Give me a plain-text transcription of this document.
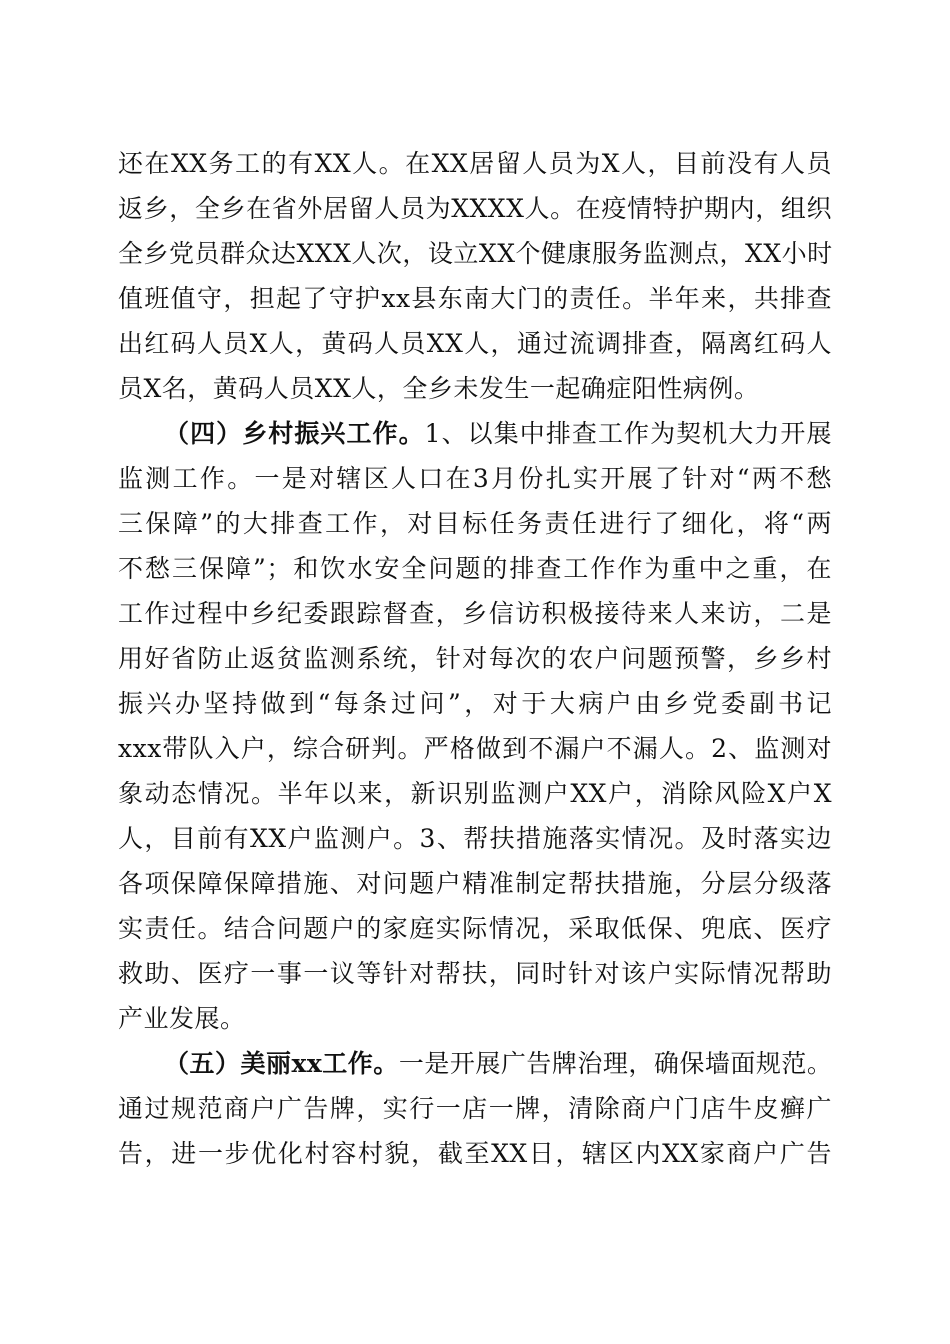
还在XX务工的有XX人。在XX居留人员为X人，目前没有人员
返乡，全乡在省外居留人员为XXXX人。在疫情特护期内，组织
全乡党员群众达XXX人次，设立XX个健康服务监测点，XX小时
值班值守，担起了守护xx县东南大门的责任。半年来，共排查
出红码人员X人，黄码人员XX人，通过流调排查，隔离红码人
员X名，黄码人员XX人，全乡未发生一起确症阳性病例。
（四）乡村振兴工作。1、以集中排查工作为契机大力开展
监测工作。一是对辖区人口在3月份扎实开展了针对“两不愁
三保障”的大排查工作，对目标任务责任进行了细化，将“两
不愁三保障”；和饮水安全问题的排查工作作为重中之重，在
工作过程中乡纪委跟踪督查，乡信访积极接待来人来访，二是
用好省防止返贫监测系统，针对每次的农户问题预警，乡乡村
振兴办坚持做到“每条过问”，对于大病户由乡党委副书记
xxx带队入户，综合研判。严格做到不漏户不漏人。2、监测对
象动态情况。半年以来，新识别监测户XX户，消除风险X户X
人，目前有XX户监测户。3、帮扶措施落实情况。及时落实边
各项保障保障措施、对问题户精准制定帮扶措施，分层分级落
实责任。结合问题户的家庭实际情况，采取低保、兜底、医疗
救助、医疗一事一议等针对帮扶，同时针对该户实际情况帮助
产业发展。
（五）美丽xx工作。一是开展广告牌治理，确保墙面规范。
通过规范商户广告牌，实行一店一牌，清除商户门店牛皮癣广
告，进一步优化村容村貌，截至XX日，辖区内XX家商户广告
